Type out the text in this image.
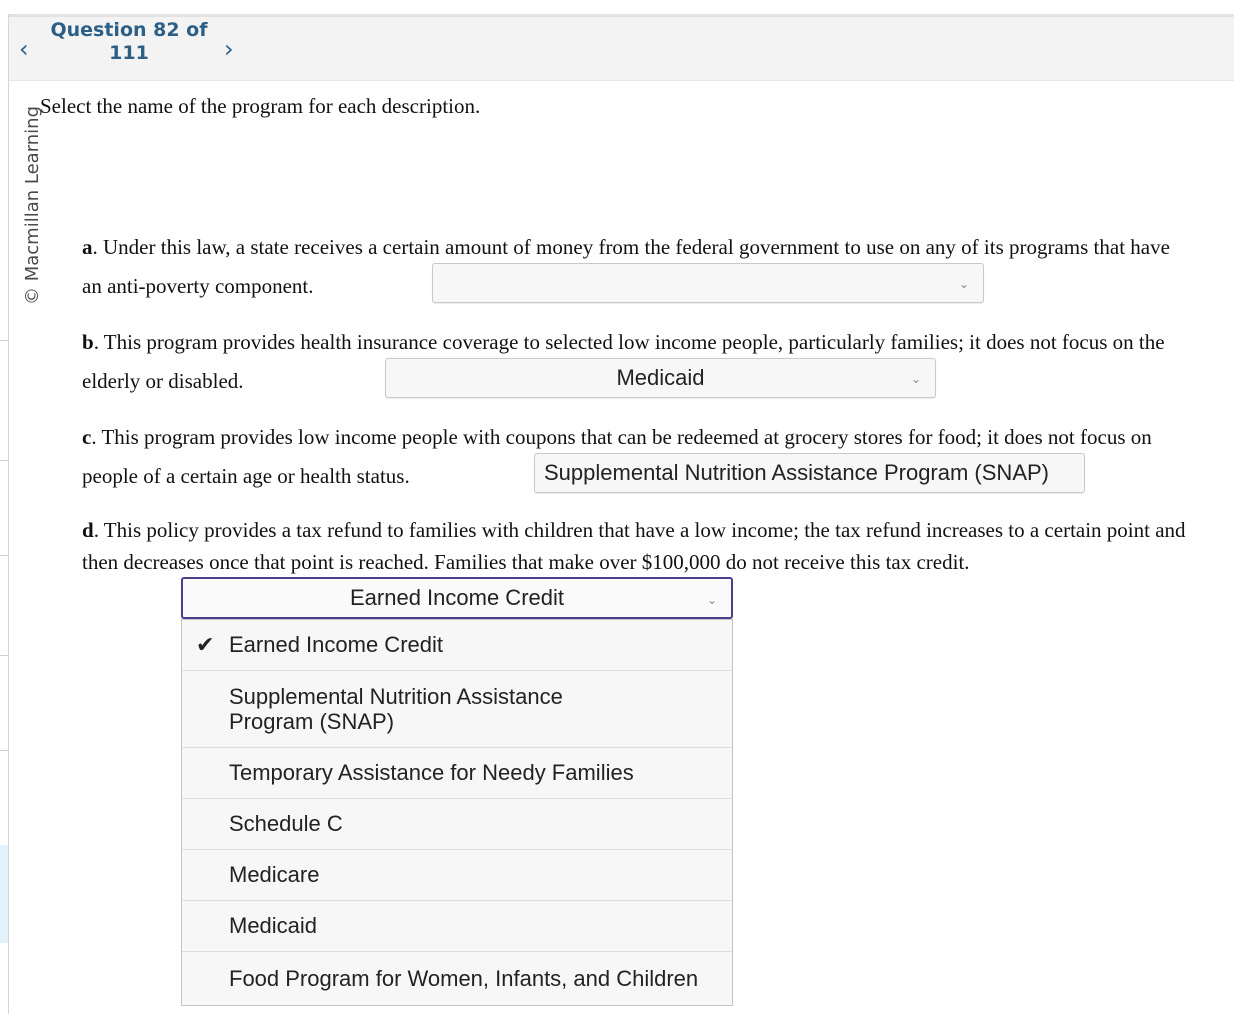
‹
Question 82 of
111	›
© Macmillan Learning
Select the name of the program for each description.
a. Under this law, a state receives a certain amount of money from the federal government to use on any of its programs that have an anti-poverty component.	⌄
b. This program provides health insurance coverage to selected low income people, particularly families; it does not focus on the elderly or disabled.	Medicaid	⌄
c. This program provides low income people with coupons that can be redeemed at grocery stores for food; it does not focus on people of a certain age or health status.	Supplemental Nutrition Assistance Program (SNAP)
d. This policy provides a tax refund to families with children that have a low income; the tax refund increases to a certain point and then decreases once that point is reached. Families that make over $100,000 do not receive this tax credit.
Earned Income Credit	⌄
✔ Earned Income Credit
Supplemental Nutrition Assistance Program (SNAP)
Temporary Assistance for Needy Families
Schedule C
Medicare
Medicaid
Food Program for Women, Infants, and Children
